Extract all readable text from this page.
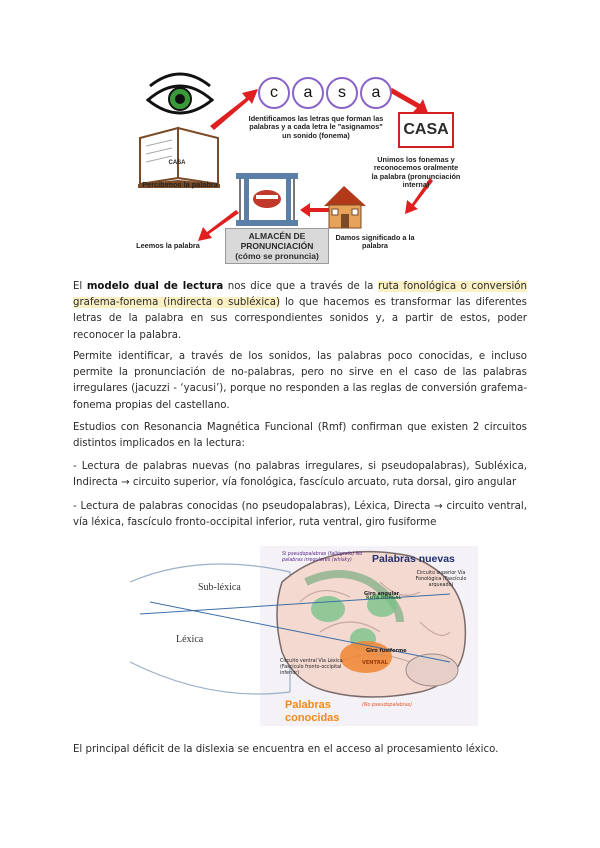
c	a	s	a
CASA
CASA
Identificamos las letras que forman las palabras y a cada letra le "asignamos" un sonido (fonema)
Percibimos la palabra
Unimos los fonemas y reconocemos oralmente la palabra (pronunciación interna)
Damos significado a la palabra
Leemos la palabra
ALMACÉN DE PRONUNCIACIÓN
(cómo se pronuncia)

El modelo dual de lectura nos dice que a través de la ruta fonológica o conversión grafema-fonema (indirecta o subléxica) lo que hacemos es transformar las diferentes letras de la palabra en sus correspondientes sonidos y, a partir de estos, poder reconocer la palabra.

Permite identificar, a través de los sonidos, las palabras poco conocidas, e incluso permite la pronunciación de no-palabras, pero no sirve en el caso de las palabras irregulares (jacuzzi - ‘yacusi’), porque no responden a las reglas de conversión grafema-fonema propias del castellano.

Estudios con Resonancia Magnética Funcional (Rmf) confirman que existen 2 circuitos distintos implicados en la lectura:

- Lectura de palabras nuevas (no palabras irregulares, si pseudopalabras), Subléxica, Indirecta → circuito superior, vía fonológica, fascículo arcuato, ruta dorsal, giro angular

- Lectura de palabras conocidas (no pseudopalabras), Léxica, Directa → circuito ventral, vía léxica, fascículo fronto-occipital inferior, ruta ventral, giro fusiforme

Sub-léxica
Léxica
Palabras nuevas
Palabras conocidas
Si pseudopalabras (fallógrafo) No palabras irregulares (whisky)
Circuito superior Vía Fonológica (Fascículo arqueado)
Giro angular
Giro fusiforme
Circuito ventral Vía Léxica (Fascículo fronto-occipital inferior)
(No pseudopalabras)
RUTA DORSAL
VENTRAL

El principal déficit de la dislexia se encuentra en el acceso al procesamiento léxico.
